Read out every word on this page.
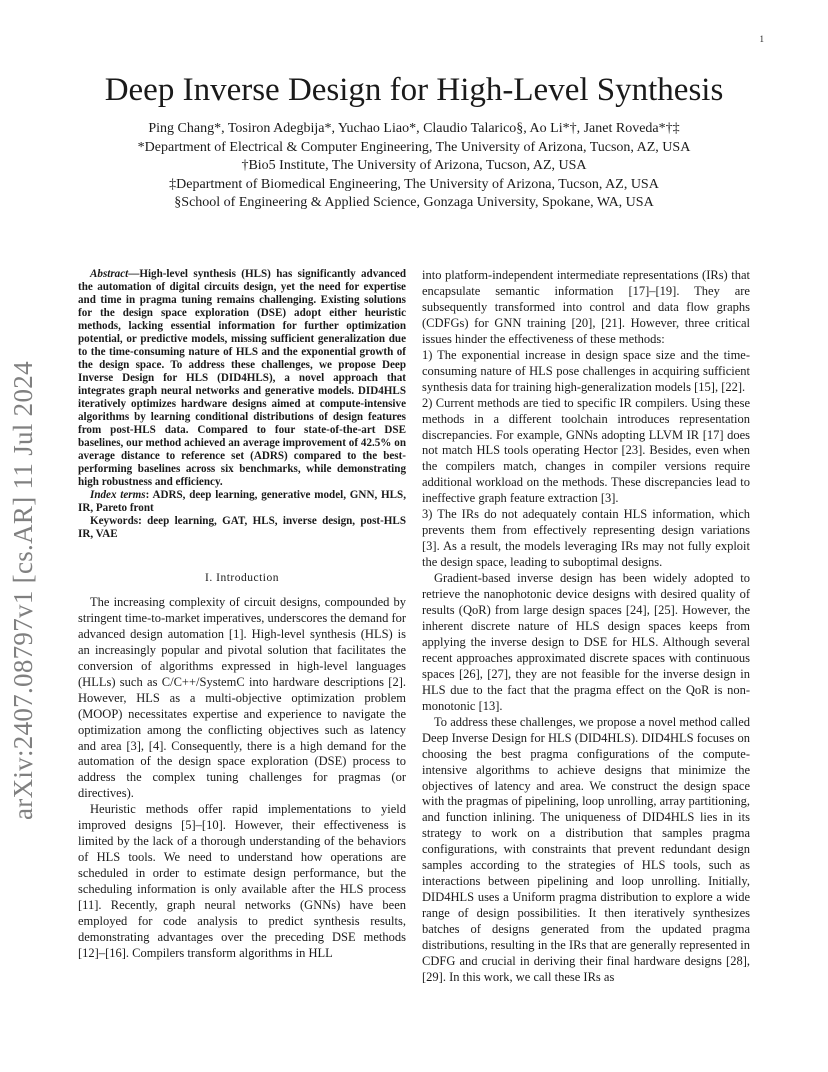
1
arXiv:2407.08797v1 [cs.AR] 11 Jul 2024
Deep Inverse Design for High-Level Synthesis
Ping Chang*, Tosiron Adegbija*, Yuchao Liao*, Claudio Talarico§, Ao Li*†, Janet Roveda*†‡
*Department of Electrical & Computer Engineering, The University of Arizona, Tucson, AZ, USA
†Bio5 Institute, The University of Arizona, Tucson, AZ, USA
‡Department of Biomedical Engineering, The University of Arizona, Tucson, AZ, USA
§School of Engineering & Applied Science, Gonzaga University, Spokane, WA, USA

Abstract—High-level synthesis (HLS) has significantly advanced the automation of digital circuits design, yet the need for expertise and time in pragma tuning remains challenging. Existing solutions for the design space exploration (DSE) adopt either heuristic methods, lacking essential information for further optimization potential, or predictive models, missing sufficient generalization due to the time-consuming nature of HLS and the exponential growth of the design space. To address these challenges, we propose Deep Inverse Design for HLS (DID4HLS), a novel approach that integrates graph neural networks and generative models. DID4HLS iteratively optimizes hardware designs aimed at compute-intensive algorithms by learning conditional distributions of design features from post-HLS data. Compared to four state-of-the-art DSE baselines, our method achieved an average improvement of 42.5% on average distance to reference set (ADRS) compared to the best-performing baselines across six benchmarks, while demonstrating high robustness and efficiency.

Index terms: ADRS, deep learning, generative model, GNN, HLS, IR, Pareto front

Keywords: deep learning, GAT, HLS, inverse design, post-HLS IR, VAE

I. Introduction

The increasing complexity of circuit designs, compounded by stringent time-to-market imperatives, underscores the demand for advanced design automation [1]. High-level synthesis (HLS) is an increasingly popular and pivotal solution that facilitates the conversion of algorithms expressed in high-level languages (HLLs) such as C/C++/SystemC into hardware descriptions [2]. However, HLS as a multi-objective optimization problem (MOOP) necessitates expertise and experience to navigate the optimization among the conflicting objectives such as latency and area [3], [4]. Consequently, there is a high demand for the automation of the design space exploration (DSE) process to address the complex tuning challenges for pragmas (or directives).

Heuristic methods offer rapid implementations to yield improved designs [5]–[10]. However, their effectiveness is limited by the lack of a thorough understanding of the behaviors of HLS tools. We need to understand how operations are scheduled in order to estimate design performance, but the scheduling information is only available after the HLS process [11]. Recently, graph neural networks (GNNs) have been employed for code analysis to predict synthesis results, demonstrating advantages over the preceding DSE methods [12]–[16]. Compilers transform algorithms in HLL

into platform-independent intermediate representations (IRs) that encapsulate semantic information [17]–[19]. They are subsequently transformed into control and data flow graphs (CDFGs) for GNN training [20], [21]. However, three critical issues hinder the effectiveness of these methods:

1) The exponential increase in design space size and the time-consuming nature of HLS pose challenges in acquiring sufficient synthesis data for training high-generalization models [15], [22].

2) Current methods are tied to specific IR compilers. Using these methods in a different toolchain introduces representation discrepancies. For example, GNNs adopting LLVM IR [17] does not match HLS tools operating Hector [23]. Besides, even when the compilers match, changes in compiler versions require additional workload on the methods. These discrepancies lead to ineffective graph feature extraction [3].

3) The IRs do not adequately contain HLS information, which prevents them from effectively representing design variations [3]. As a result, the models leveraging IRs may not fully exploit the design space, leading to suboptimal designs.

Gradient-based inverse design has been widely adopted to retrieve the nanophotonic device designs with desired quality of results (QoR) from large design spaces [24], [25]. However, the inherent discrete nature of HLS design spaces keeps from applying the inverse design to DSE for HLS. Although several recent approaches approximated discrete spaces with continuous spaces [26], [27], they are not feasible for the inverse design in HLS due to the fact that the pragma effect on the QoR is non-monotonic [13].

To address these challenges, we propose a novel method called Deep Inverse Design for HLS (DID4HLS). DID4HLS focuses on choosing the best pragma configurations of the compute-intensive algorithms to achieve designs that minimize the objectives of latency and area. We construct the design space with the pragmas of pipelining, loop unrolling, array partitioning, and function inlining. The uniqueness of DID4HLS lies in its strategy to work on a distribution that samples pragma configurations, with constraints that prevent redundant design samples according to the strategies of HLS tools, such as interactions between pipelining and loop unrolling. Initially, DID4HLS uses a Uniform pragma distribution to explore a wide range of design possibilities. It then iteratively synthesizes batches of designs generated from the updated pragma distributions, resulting in the IRs that are generally represented in CDFG and crucial in deriving their final hardware designs [28], [29]. In this work, we call these IRs as
